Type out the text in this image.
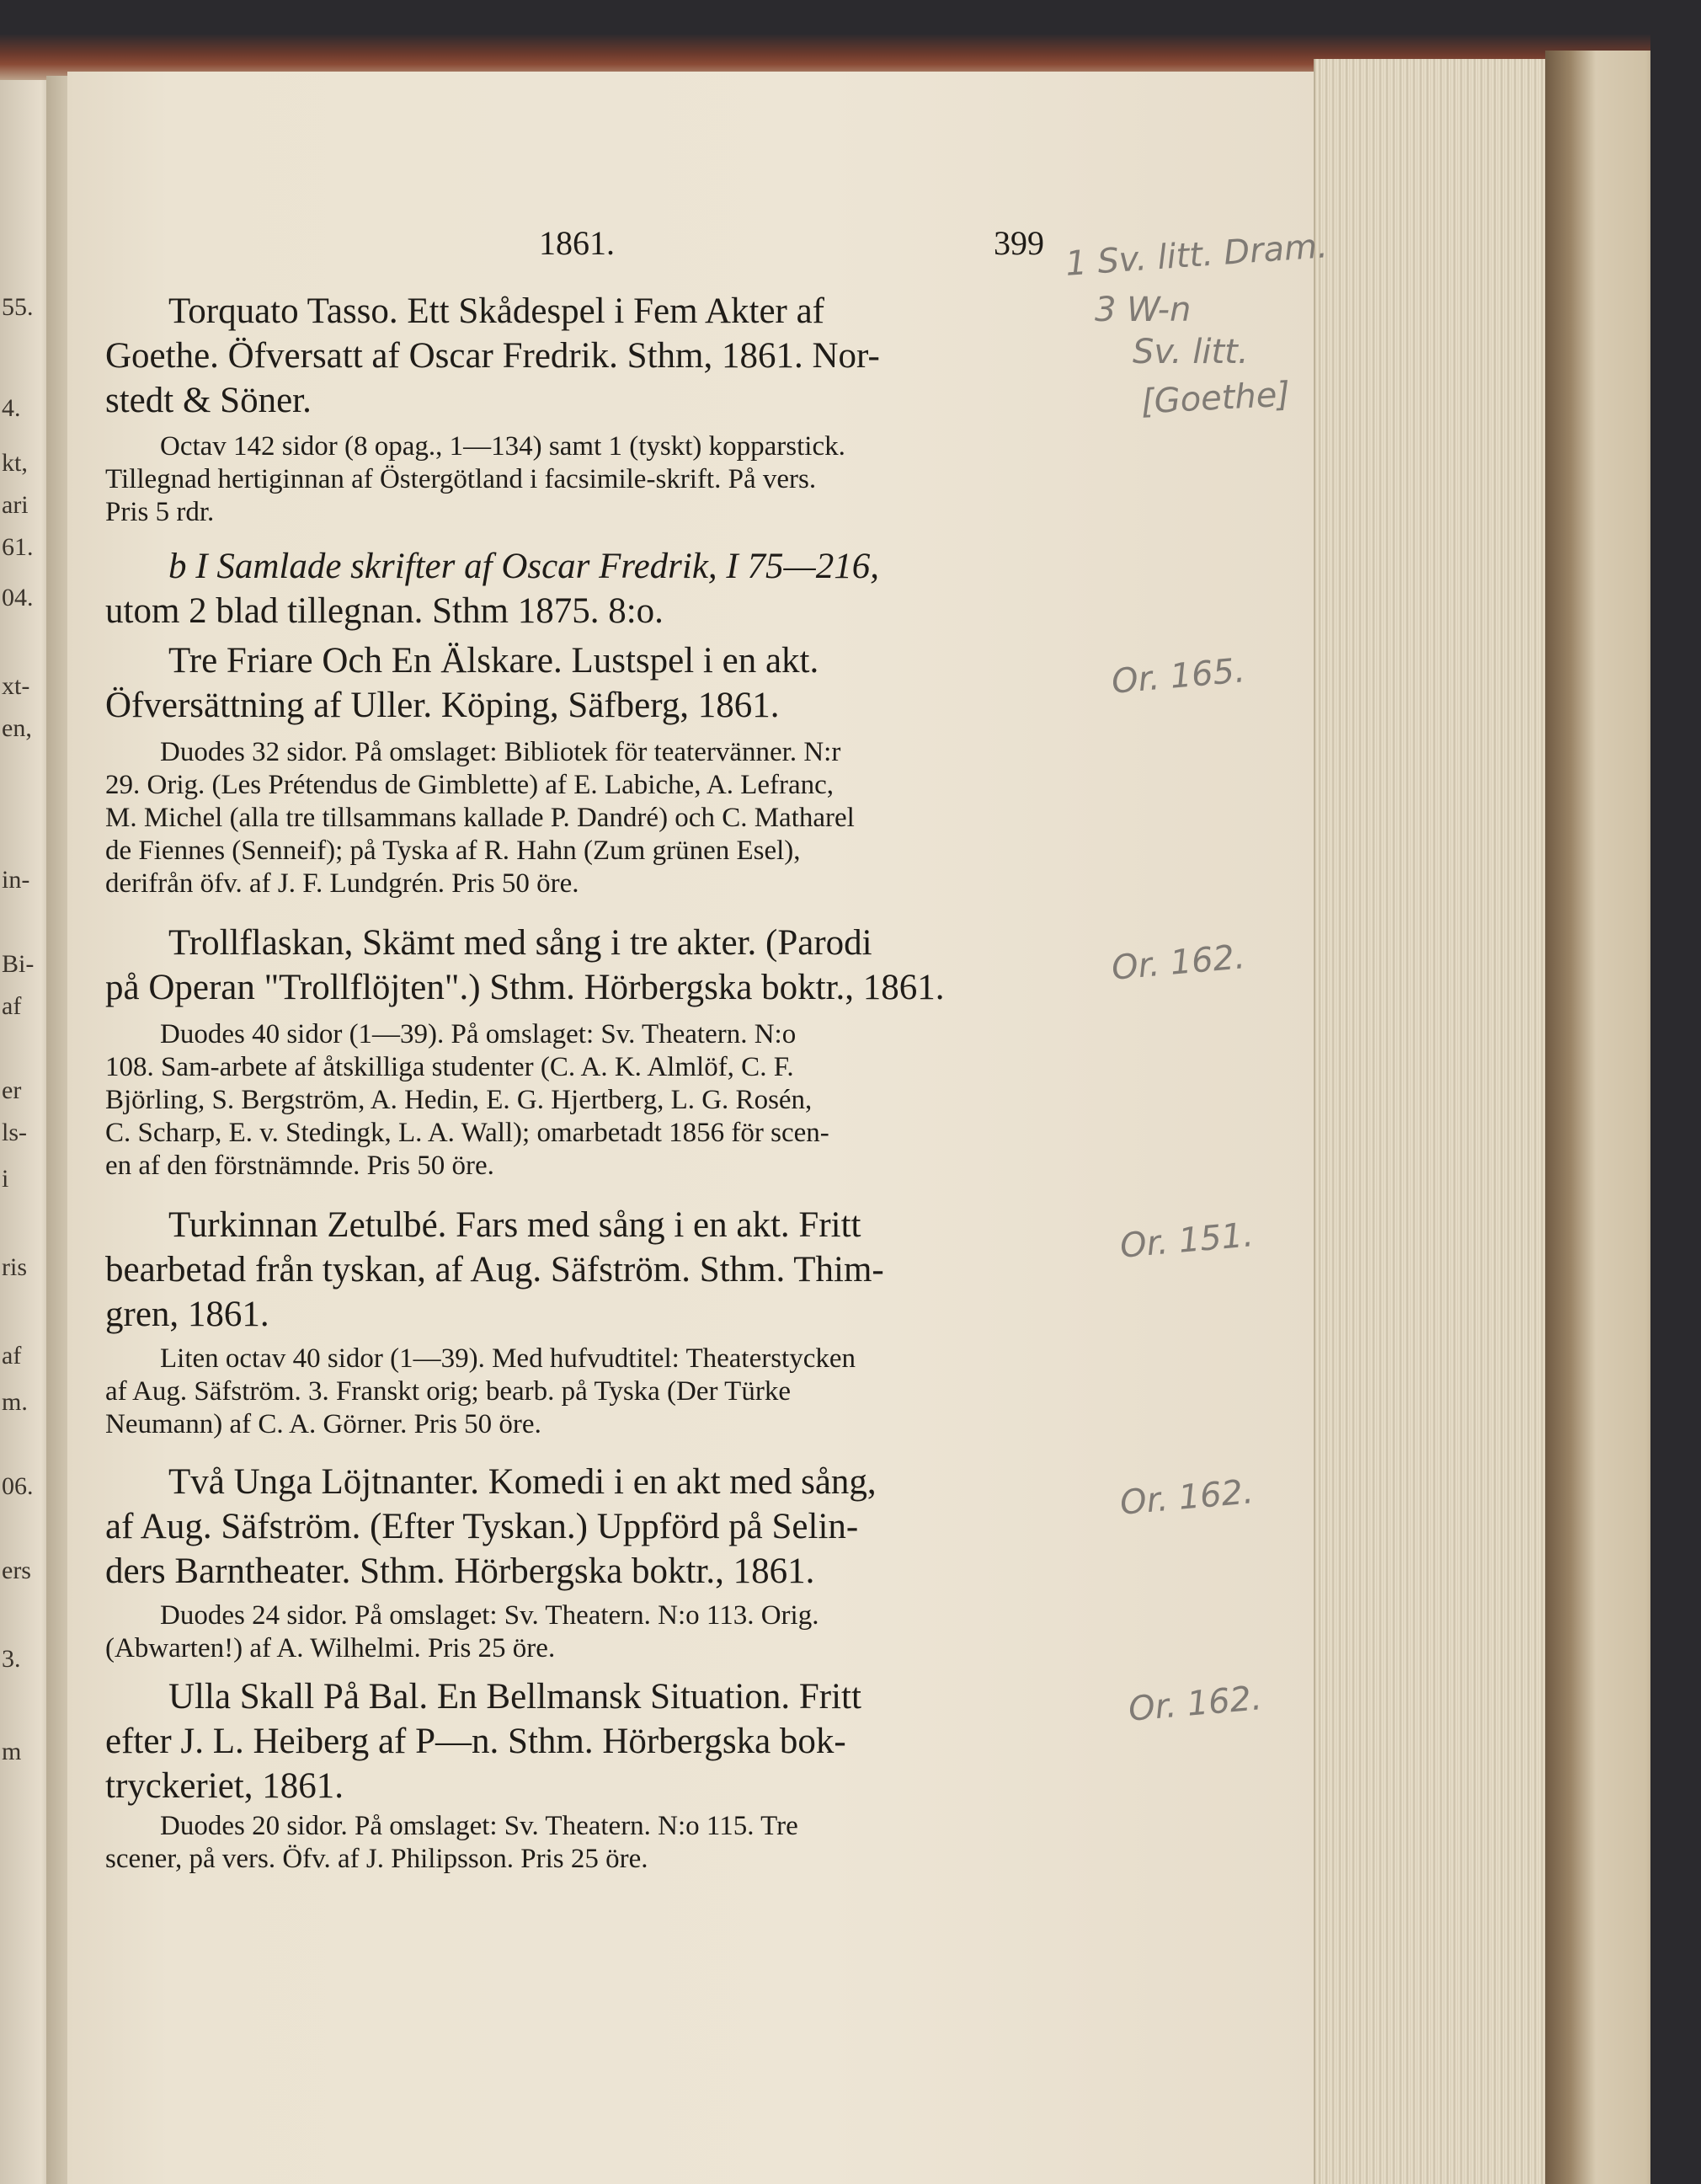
55.
4.
kt,
ari
61.
04.
xt-
en,
in-
Bi-
af
er
ls-
i
ris
af
m.
06.
ers
3.
m

1861.	399

Torquato Tasso. Ett Skådespel i Fem Akter af

Goethe. Öfversatt af Oscar Fredrik. Sthm, 1861. Nor-

stedt & Söner.

Octav 142 sidor (8 opag., 1—134) samt 1 (tyskt) kopparstick.

Tillegnad hertiginnan af Östergötland i facsimile-skrift. På vers.

Pris 5 rdr.

b I Samlade skrifter af Oscar Fredrik, I 75—216,

utom 2 blad tillegnan. Sthm 1875. 8:o.

Tre Friare Och En Älskare. Lustspel i en akt.

Öfversättning af Uller. Köping, Säfberg, 1861.

Duodes 32 sidor. På omslaget: Bibliotek för teatervänner. N:r

29. Orig. (Les Prétendus de Gimblette) af E. Labiche, A. Lefranc,

M. Michel (alla tre tillsammans kallade P. Dandré) och C. Matharel

de Fiennes (Senneif); på Tyska af R. Hahn (Zum grünen Esel),

derifrån öfv. af J. F. Lundgrén. Pris 50 öre.

Trollflaskan, Skämt med sång i tre akter. (Parodi

på Operan "Trollflöjten".) Sthm. Hörbergska boktr., 1861.

Duodes 40 sidor (1—39). På omslaget: Sv. Theatern. N:o

108. Sam-arbete af åtskilliga studenter (C. A. K. Almlöf, C. F.

Björling, S. Bergström, A. Hedin, E. G. Hjertberg, L. G. Rosén,

C. Scharp, E. v. Stedingk, L. A. Wall); omarbetadt 1856 för scen-

en af den förstnämnde. Pris 50 öre.

Turkinnan Zetulbé. Fars med sång i en akt. Fritt

bearbetad från tyskan, af Aug. Säfström. Sthm. Thim-

gren, 1861.

Liten octav 40 sidor (1—39). Med hufvudtitel: Theaterstycken

af Aug. Säfström. 3. Franskt orig; bearb. på Tyska (Der Türke

Neumann) af C. A. Görner. Pris 50 öre.

Två Unga Löjtnanter. Komedi i en akt med sång,

af Aug. Säfström. (Efter Tyskan.) Uppförd på Selin-

ders Barntheater. Sthm. Hörbergska boktr., 1861.

Duodes 24 sidor. På omslaget: Sv. Theatern. N:o 113. Orig.

(Abwarten!) af A. Wilhelmi. Pris 25 öre.

Ulla Skall På Bal. En Bellmansk Situation. Fritt

efter J. L. Heiberg af P—n. Sthm. Hörbergska bok-

tryckeriet, 1861.

Duodes 20 sidor. På omslaget: Sv. Theatern. N:o 115. Tre

scener, på vers. Öfv. af J. Philipsson. Pris 25 öre.

1 Sv. litt. Dram.
3 W-n
Sv. litt.
[Goethe]
Or. 165.
Or. 162.
Or. 151.
Or. 162.
Or. 162.
